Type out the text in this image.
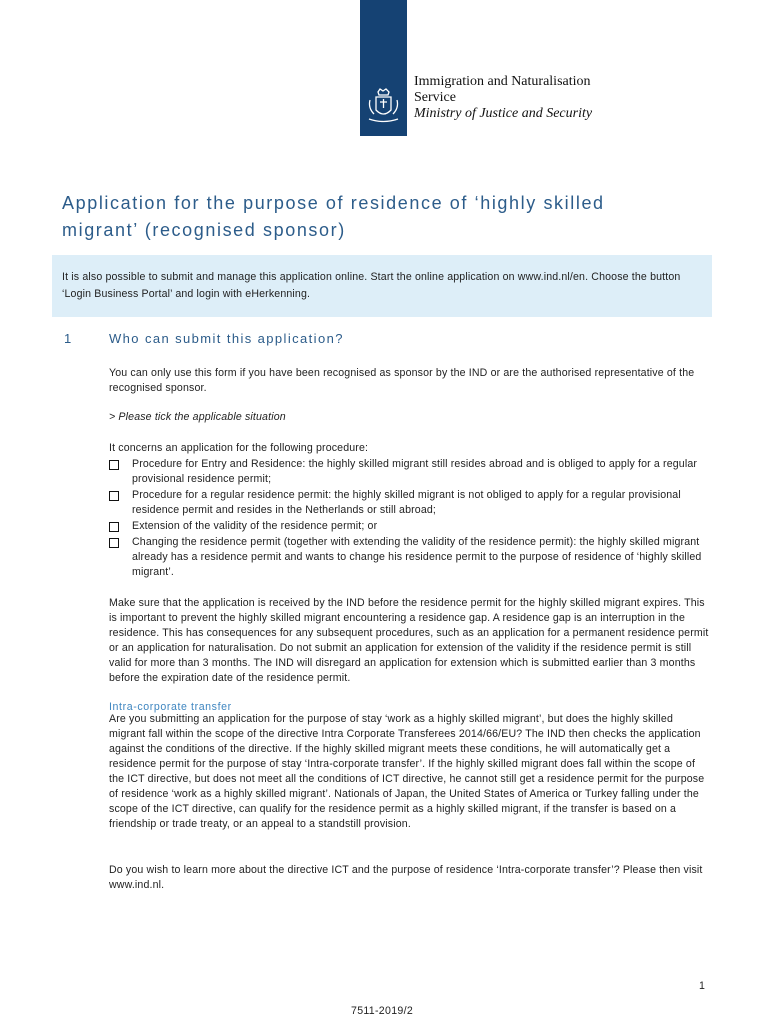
Immigration and Naturalisation
Service
Ministry of Justice and Security
Application for the purpose of residence of ‘highly skilled
migrant’ (recognised sponsor)

It is also possible to submit and manage this application online. Start the online application on www.ind.nl/en. Choose the button ‘Login Business Portal’ and login with eHerkenning.

1	Who can submit this application?

You can only use this form if you have been recognised as sponsor by the IND or are the authorised representative of the recognised sponsor.

> Please tick the applicable situation
It concerns an application for the following procedure:
Procedure for Entry and Residence: the highly skilled migrant still resides abroad and is obliged to apply for a regular provisional residence permit;
Procedure for a regular residence permit: the highly skilled migrant is not obliged to apply for a regular provisional residence permit and resides in the Netherlands or still abroad;
Extension of the validity of the residence permit; or
Changing the residence permit (together with extending the validity of the residence permit): the highly skilled migrant already has a residence permit and wants to change his residence permit to the purpose of residence of ‘highly skilled migrant’.
Make sure that the application is received by the IND before the residence permit for the highly skilled migrant expires. This is important to prevent the highly skilled migrant encountering a residence gap. A residence gap is an interruption in the residence. This has consequences for any subsequent procedures, such as an application for a permanent residence permit or an application for naturalisation. Do not submit an application for extension of the validity if the residence permit is still valid for more than 3 months. The IND will disregard an application for extension which is submitted earlier than 3 months before the expiration date of the residence permit.
Intra-corporate transfer
Are you submitting an application for the purpose of stay ‘work as a highly skilled migrant’, but does the highly skilled migrant fall within the scope of the directive Intra Corporate Transferees 2014/66/EU? The IND then checks the application against the conditions of the directive. If the highly skilled migrant meets these conditions, he will automatically get a residence permit for the purpose of stay ‘Intra-corporate transfer’. If the highly skilled migrant does fall within the scope of the ICT directive, but does not meet all the conditions of ICT directive, he cannot still get a residence permit for the purpose of residence ‘work as a highly skilled migrant’. Nationals of Japan, the United States of America or Turkey falling under the scope of the ICT directive, can qualify for the residence permit as a highly skilled migrant, if the transfer is based on a friendship or trade treaty, or an appeal to a standstill provision.
Do you wish to learn more about the directive ICT and the purpose of residence ‘Intra-corporate transfer’? Please then visit www.ind.nl.
1
7511-2019/2
